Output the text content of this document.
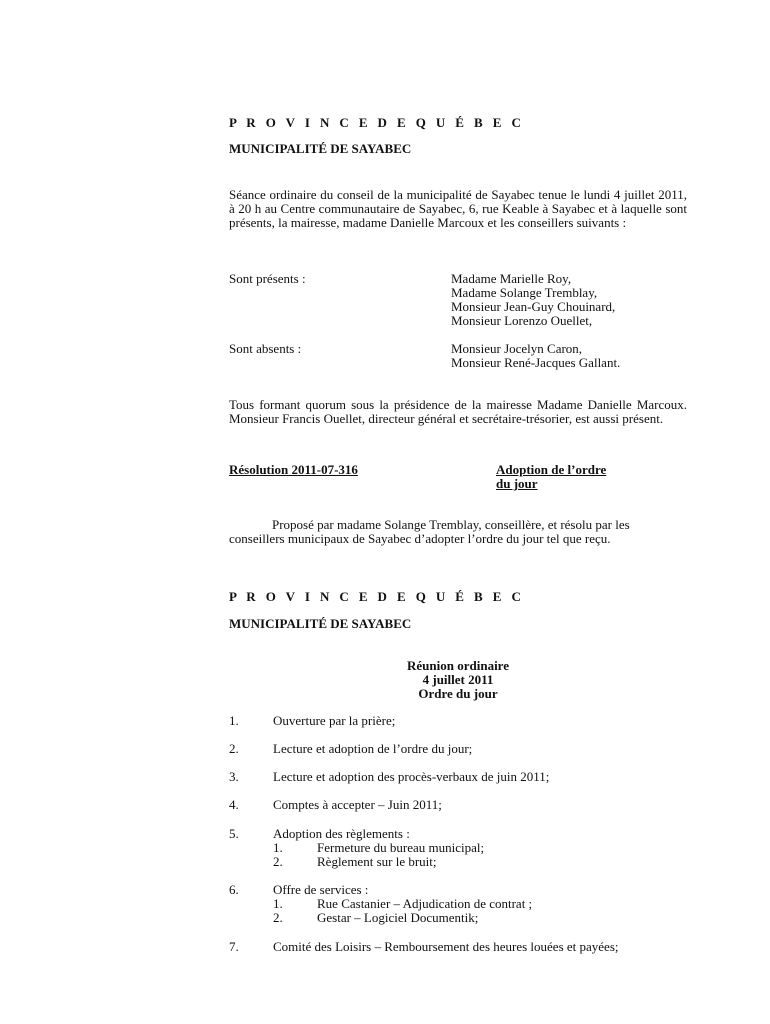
P R O V I N C E D E Q U É B E C
MUNICIPALITÉ DE SAYABEC
Séance ordinaire du conseil de la municipalité de Sayabec tenue le lundi 4 juillet 2011, à 20 h au Centre communautaire de Sayabec, 6, rue Keable à Sayabec et à laquelle sont présents, la mairesse, madame Danielle Marcoux et les conseillers suivants :
Sont présents :	Madame Marielle Roy,
Madame Solange Tremblay,
Monsieur Jean-Guy Chouinard,
Monsieur Lorenzo Ouellet,
Sont absents :	Monsieur Jocelyn Caron,
Monsieur René-Jacques Gallant.
Tous formant quorum sous la présidence de la mairesse Madame Danielle Marcoux. Monsieur Francis Ouellet, directeur général et secrétaire-trésorier, est aussi présent.
Résolution 2011-07-316	Adoption de l’ordre
du jour
Proposé par madame Solange Tremblay, conseillère, et résolu par les conseillers municipaux de Sayabec d’adopter l’ordre du jour tel que reçu.
P R O V I N C E D E Q U É B E C
MUNICIPALITÉ DE SAYABEC
Réunion ordinaire
4 juillet 2011
Ordre du jour
1.	Ouverture par la prière;
2.	Lecture et adoption de l’ordre du jour;
3.	Lecture et adoption des procès-verbaux de juin 2011;
4.	Comptes à accepter – Juin 2011;
5.	Adoption des règlements :
1.	Fermeture du bureau municipal;
2.	Règlement sur le bruit;
6.	Offre de services :
1.	Rue Castanier – Adjudication de contrat ;
2.	Gestar – Logiciel Documentik;
7.	Comité des Loisirs – Remboursement des heures louées et payées;
